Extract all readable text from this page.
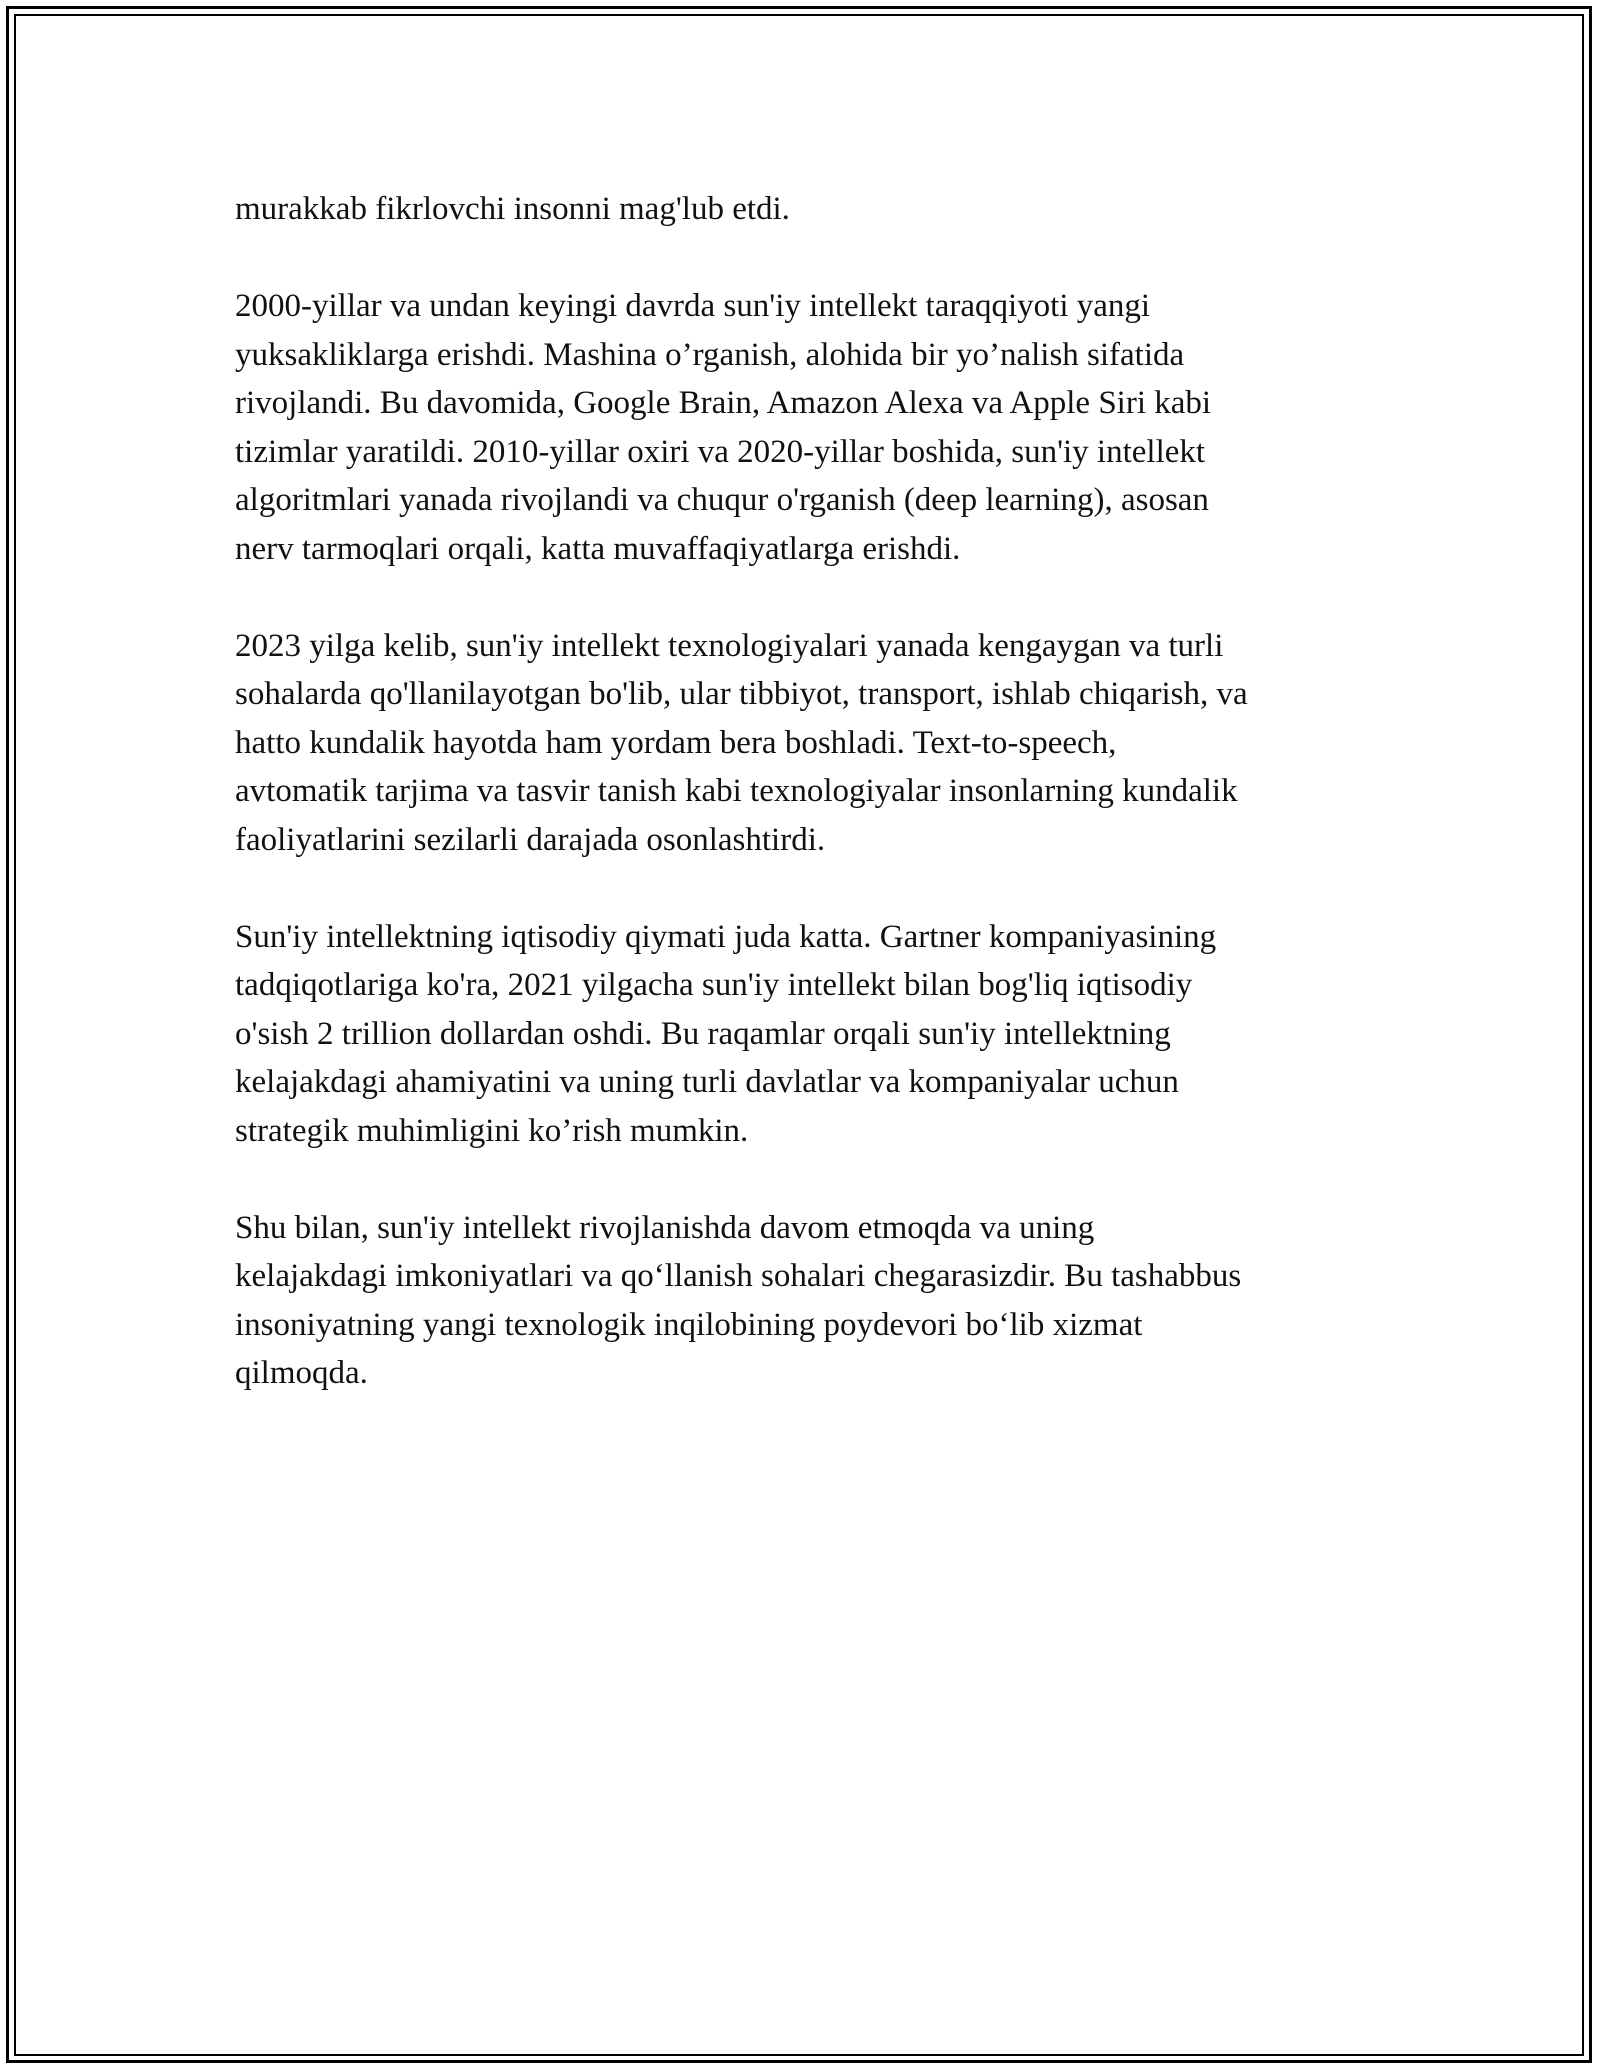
murakkab fikrlovchi insonni mag'lub etdi.

2000-yillar va undan keyingi davrda sun'iy intellekt taraqqiyoti yangi
yuksakliklarga erishdi. Mashina o’rganish, alohida bir yo’nalish sifatida
rivojlandi. Bu davomida, Google Brain, Amazon Alexa va Apple Siri kabi
tizimlar yaratildi. 2010-yillar oxiri va 2020-yillar boshida, sun'iy intellekt
algoritmlari yanada rivojlandi va chuqur o'rganish (deep learning), asosan
nerv tarmoqlari orqali, katta muvaffaqiyatlarga erishdi.

2023 yilga kelib, sun'iy intellekt texnologiyalari yanada kengaygan va turli
sohalarda qo'llanilayotgan bo'lib, ular tibbiyot, transport, ishlab chiqarish, va
hatto kundalik hayotda ham yordam bera boshladi. Text-to-speech,
avtomatik tarjima va tasvir tanish kabi texnologiyalar insonlarning kundalik
faoliyatlarini sezilarli darajada osonlashtirdi.

Sun'iy intellektning iqtisodiy qiymati juda katta. Gartner kompaniyasining
tadqiqotlariga ko'ra, 2021 yilgacha sun'iy intellekt bilan bog'liq iqtisodiy
o'sish 2 trillion dollardan oshdi. Bu raqamlar orqali sun'iy intellektning
kelajakdagi ahamiyatini va uning turli davlatlar va kompaniyalar uchun
strategik muhimligini ko’rish mumkin.

Shu bilan, sun'iy intellekt rivojlanishda davom etmoqda va uning
kelajakdagi imkoniyatlari va qo‘llanish sohalari chegarasizdir. Bu tashabbus
insoniyatning yangi texnologik inqilobining poydevori bo‘lib xizmat
qilmoqda.
